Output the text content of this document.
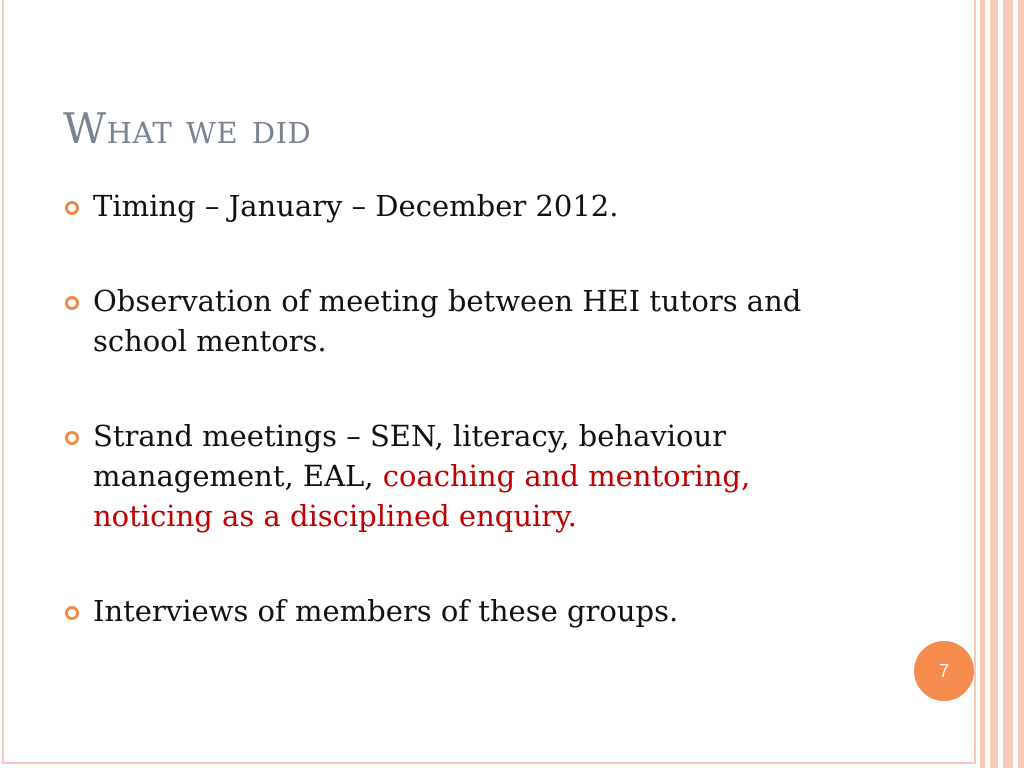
What we did
Timing – January – December 2012.
Observation of meeting between HEI tutors and school mentors.
Strand meetings – SEN, literacy, behaviour management, EAL, coaching and mentoring, noticing as a disciplined enquiry.
Interviews of members of these groups.
7
